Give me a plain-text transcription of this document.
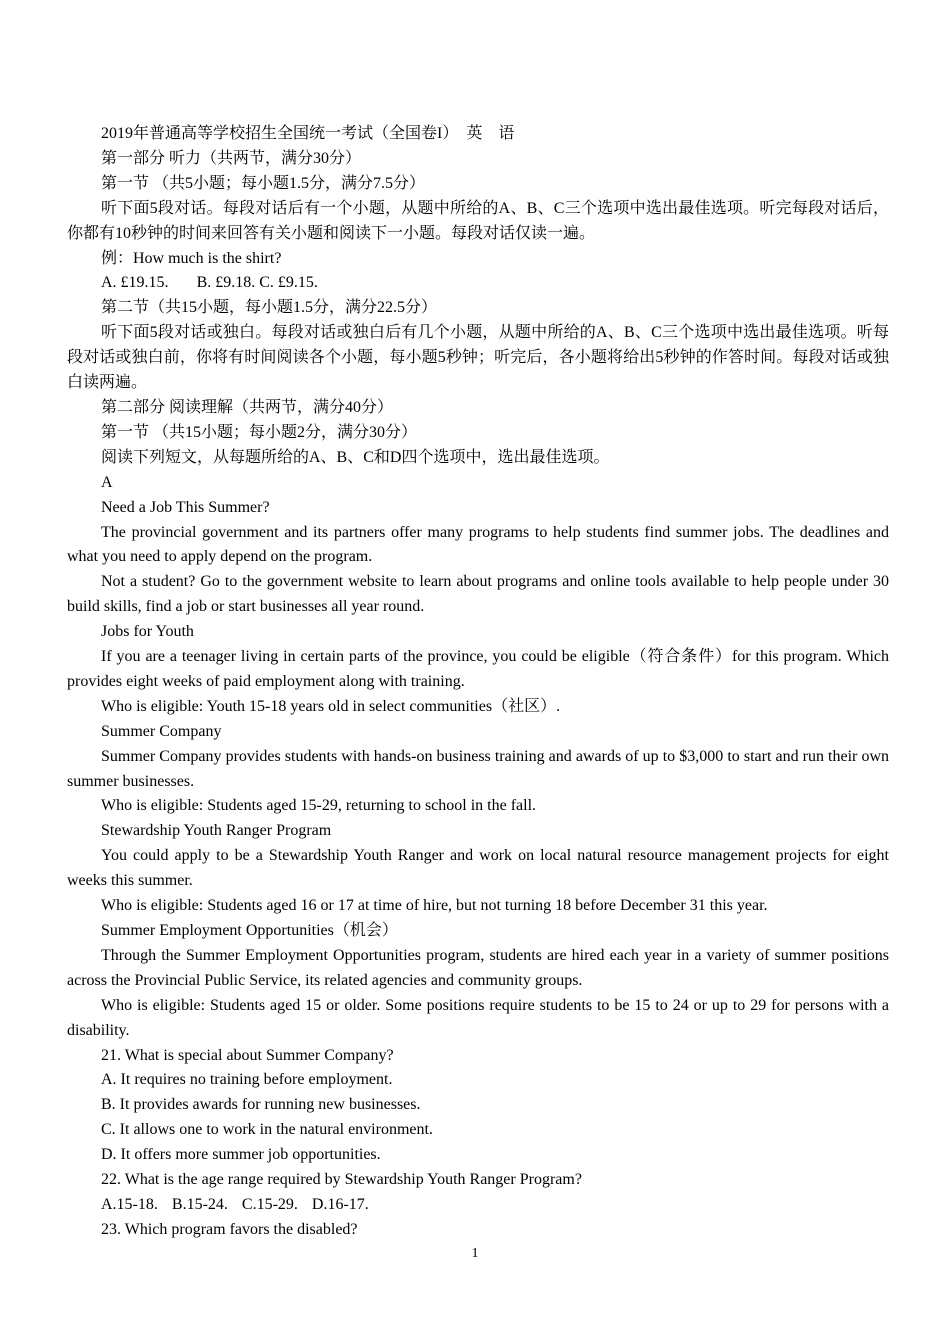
2019年普通高等学校招生全国统一考试（全国卷I）　英　语

第一部分 听力（共两节，满分30分）

第一节 （共5小题；每小题1.5分，满分7.5分）

听下面5段对话。每段对话后有一个小题，从题中所给的A、B、C三个选项中选出最佳选项。听完每段对话后，你都有10秒钟的时间来回答有关小题和阅读下一小题。每段对话仅读一遍。

例：How much is the shirt?

A. £19.15. B. £9.18. C. £9.15.

第二节（共15小题，每小题1.5分，满分22.5分）

听下面5段对话或独白。每段对话或独白后有几个小题，从题中所给的A、B、C三个选项中选出最佳选项。听每段对话或独白前，你将有时间阅读各个小题，每小题5秒钟；听完后，各小题将给出5秒钟的作答时间。每段对话或独白读两遍。

第二部分 阅读理解（共两节，满分40分）

第一节 （共15小题；每小题2分，满分30分）

阅读下列短文，从每题所给的A、B、C和D四个选项中，选出最佳选项。

A

Need a Job This Summer?

The provincial government and its partners offer many programs to help students find summer jobs. The deadlines and what you need to apply depend on the program.

Not a student? Go to the government website to learn about programs and online tools available to help people under 30 build skills, find a job or start businesses all year round.

Jobs for Youth

If you are a teenager living in certain parts of the province, you could be eligible（符合条件）for this program. Which provides eight weeks of paid employment along with training.

Who is eligible: Youth 15-18 years old in select communities（社区）.

Summer Company

Summer Company provides students with hands-on business training and awards of up to $3,000 to start and run their own summer businesses.

Who is eligible: Students aged 15-29, returning to school in the fall.

Stewardship Youth Ranger Program

You could apply to be a Stewardship Youth Ranger and work on local natural resource management projects for eight weeks this summer.

Who is eligible: Students aged 16 or 17 at time of hire, but not turning 18 before December 31 this year.

Summer Employment Opportunities（机会）

Through the Summer Employment Opportunities program, students are hired each year in a variety of summer positions across the Provincial Public Service, its related agencies and community groups.

Who is eligible: Students aged 15 or older. Some positions require students to be 15 to 24 or up to 29 for persons with a disability.

21. What is special about Summer Company?

A. It requires no training before employment.

B. It provides awards for running new businesses.

C. It allows one to work in the natural environment.

D. It offers more summer job opportunities.

22. What is the age range required by Stewardship Youth Ranger Program?

A.15-18. B.15-24. C.15-29. D.16-17.

23. Which program favors the disabled?

1
